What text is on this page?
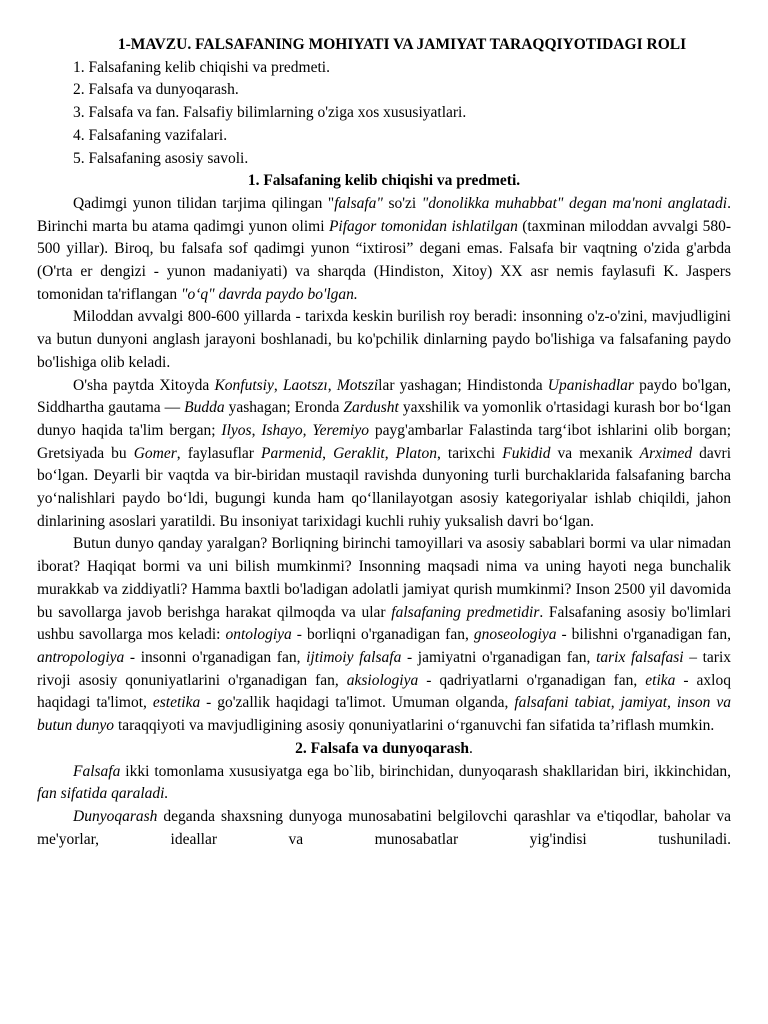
1-MAVZU. FALSAFANING MOHIYATI VA JAMIYAT TARAQQIYOTIDAGI ROLI

1. Falsafaning kelib chiqishi va predmeti.
2. Falsafa va dunyoqarash.
3. Falsafa va fan. Falsafiy bilimlarning o'ziga xos xususiyatlari.
4. Falsafaning vazifalari.
5. Falsafaning asosiy savoli.

1. Falsafaning kelib chiqishi va predmeti.

Qadimgi yunon tilidan tarjima qilingan "falsafa" so'zi "donolikka muhabbat" degan ma'noni anglatadi. Birinchi marta bu atama qadimgi yunon olimi Pifagor tomonidan ishlatilgan (taxminan miloddan avvalgi 580-500 yillar). Biroq, bu falsafa sof qadimgi yunon “ixtirosi” degani emas. Falsafa bir vaqtning o'zida g'arbda (O'rta er dengizi - yunon madaniyati) va sharqda (Hindiston, Xitoy) XX asr nemis faylasufi K. Jaspers tomonidan ta'riflangan "o‘q" davrda paydo bo'lgan.

Miloddan avvalgi 800-600 yillarda - tarixda keskin burilish roy beradi: insonning o'z-o'zini, mavjudligini va butun dunyoni anglash jarayoni boshlanadi, bu ko'pchilik dinlarning paydo bo'lishiga va falsafaning paydo bo'lishiga olib keladi.

O'sha paytda Xitoyda Konfutsiy, Laotszı, Motszilar yashagan; Hindistonda Upanishadlar paydo bo'lgan, Siddhartha gautama — Budda yashagan; Eronda Zardusht yaxshilik va yomonlik o'rtasidagi kurash bor bo‘lgan dunyo haqida ta'lim bergan; Ilyos, Ishayo, Yeremiyo payg'ambarlar Falastinda targ‘ibot ishlarini olib borgan; Gretsiyada bu Gomer, faylasuflar Parmenid, Geraklit, Platon, tarixchi Fukidid va mexanik Arximed davri bo‘lgan. Deyarli bir vaqtda va bir-biridan mustaqil ravishda dunyoning turli burchaklarida falsafaning barcha yo‘nalishlari paydo bo‘ldi, bugungi kunda ham qo‘llanilayotgan asosiy kategoriyalar ishlab chiqildi, jahon dinlarining asoslari yaratildi. Bu insoniyat tarixidagi kuchli ruhiy yuksalish davri bo‘lgan.

Butun dunyo qanday yaralgan? Borliqning birinchi tamoyillari va asosiy sabablari bormi va ular nimadan iborat? Haqiqat bormi va uni bilish mumkinmi? Insonning maqsadi nima va uning hayoti nega bunchalik murakkab va ziddiyatli? Hamma baxtli bo'ladigan adolatli jamiyat qurish mumkinmi? Inson 2500 yil davomida bu savollarga javob berishga harakat qilmoqda va ular falsafaning predmetidir. Falsafaning asosiy bo'limlari ushbu savollarga mos keladi: ontologiya - borliqni o'rganadigan fan, gnoseologiya - bilishni o'rganadigan fan, antropologiya - insonni o'rganadigan fan, ijtimoiy falsafa - jamiyatni o'rganadigan fan, tarix falsafasi – tarix rivoji asosiy qonuniyatlarini o'rganadigan fan, aksiologiya - qadriyatlarni o'rganadigan fan, etika - axloq haqidagi ta'limot, estetika - go'zallik haqidagi ta'limot. Umuman olganda, falsafani tabiat, jamiyat, inson va butun dunyo taraqqiyoti va mavjudligining asosiy qonuniyatlarini o‘rganuvchi fan sifatida ta’riflash mumkin.

2. Falsafa va dunyoqarash.

Falsafa ikki tomonlama xususiyatga ega bo`lib, birinchidan, dunyoqarash shakllaridan biri, ikkinchidan, fan sifatida qaraladi.

Dunyoqarash deganda shaxsning dunyoga munosabatini belgilovchi qarashlar va e'tiqodlar, baholar va me'yorlar, ideallar va munosabatlar yig'indisi tushuniladi.
